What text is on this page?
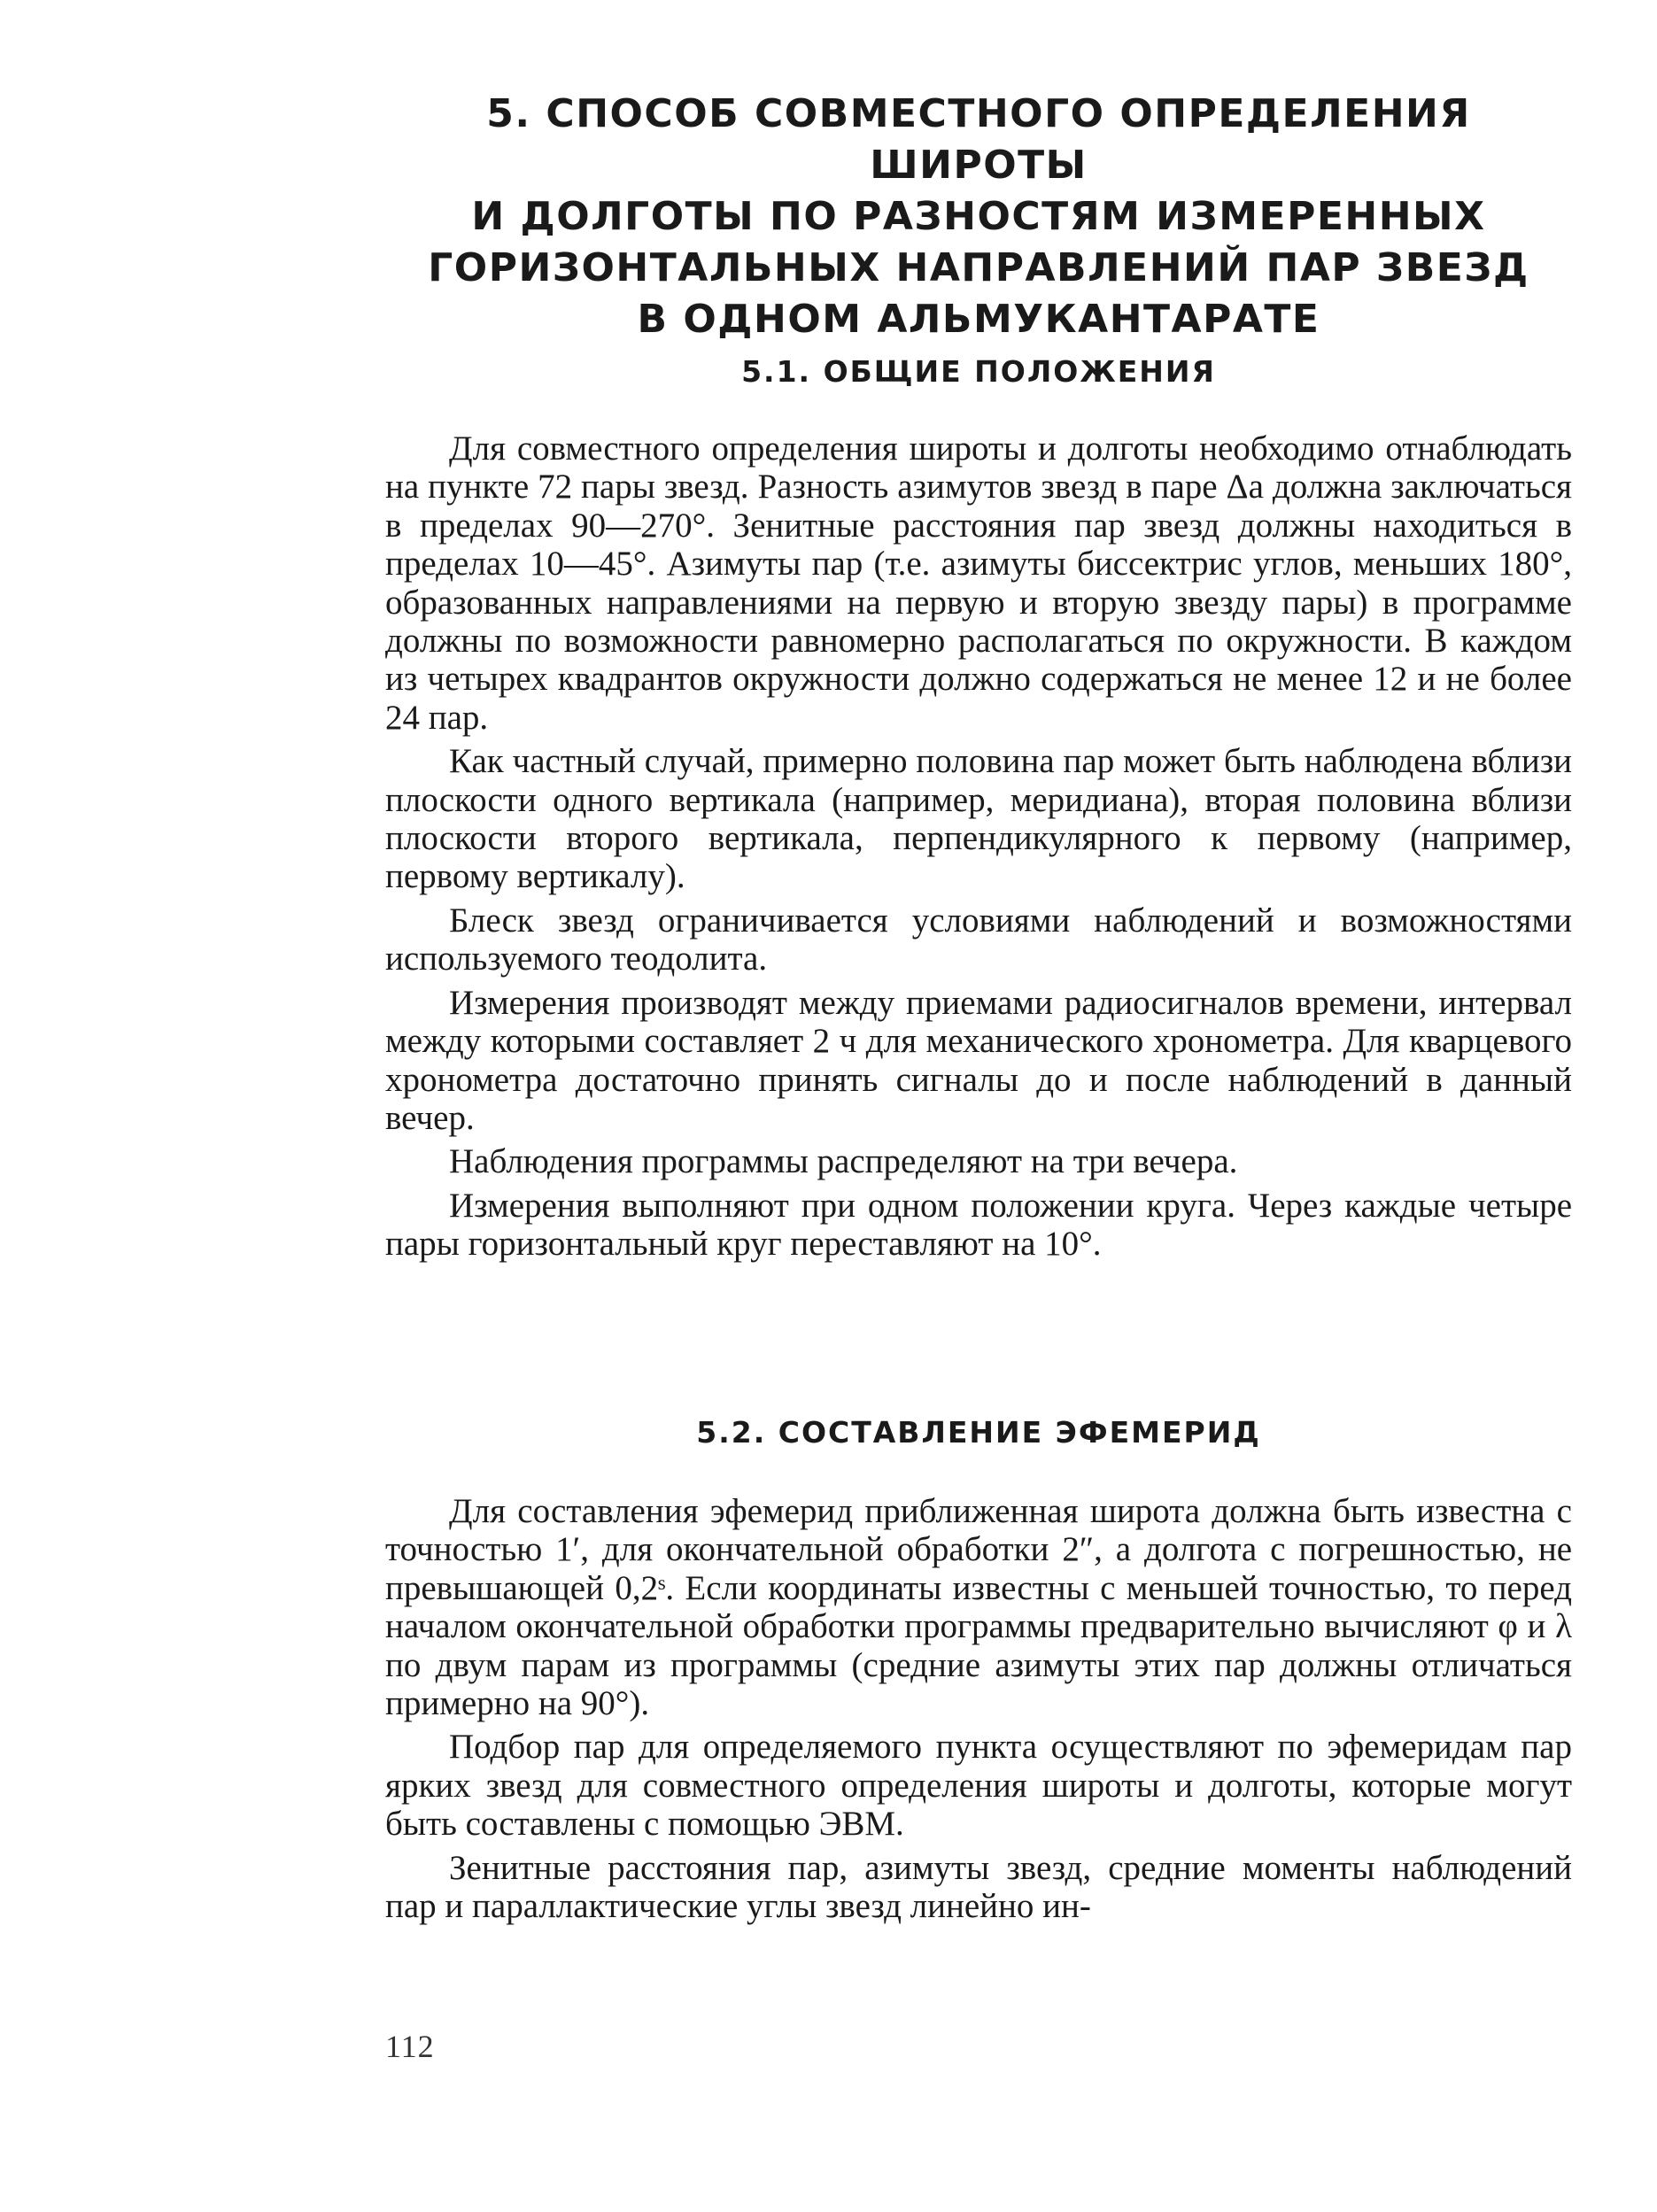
5. СПОСОБ СОВМЕСТНОГО ОПРЕДЕЛЕНИЯ ШИРОТЫ
И ДОЛГОТЫ ПО РАЗНОСТЯМ ИЗМЕРЕННЫХ
ГОРИЗОНТАЛЬНЫХ НАПРАВЛЕНИЙ ПАР ЗВЕЗД
В ОДНОМ АЛЬМУКАНТАРАТЕ
5.1. ОБЩИЕ ПОЛОЖЕНИЯ

Для совместного определения широты и долготы необходимо отнаблюдать на пункте 72 пары звезд. Разность азимутов звезд в паре Δa должна заключаться в пределах 90—270°. Зенитные расстояния пар звезд должны находиться в пределах 10—45°. Азимуты пар (т.е. азимуты биссектрис углов, меньших 180°, образованных направлениями на первую и вторую звезду пары) в программе должны по возможности равномерно располагаться по окружности. В каждом из четырех квадрантов окружности должно содержаться не менее 12 и не более 24 пар.

Как частный случай, примерно половина пар может быть наблюдена вблизи плоскости одного вертикала (например, меридиана), вторая половина вблизи плоскости второго вертикала, перпендикулярного к первому (например, первому вертикалу).

Блеск звезд ограничивается условиями наблюдений и возможностями используемого теодолита.

Измерения производят между приемами радиосигналов времени, интервал между которыми составляет 2 ч для механического хронометра. Для кварцевого хронометра достаточно принять сигналы до и после наблюдений в данный вечер.

Наблюдения программы распределяют на три вечера.

Измерения выполняют при одном положении круга. Через каждые четыре пары горизонтальный круг переставляют на 10°.

5.2. СОСТАВЛЕНИЕ ЭФЕМЕРИД

Для составления эфемерид приближенная широта должна быть известна с точностью 1′, для окончательной обработки 2″, а долгота с погрешностью, не превышающей 0,2ˢ. Если координаты известны с меньшей точностью, то перед началом окончательной обработки программы предварительно вычисляют φ и λ по двум парам из программы (средние азимуты этих пар должны отличаться примерно на 90°).

Подбор пар для определяемого пункта осуществляют по эфемеридам пар ярких звезд для совместного определения широты и долготы, которые могут быть составлены с помощью ЭВМ.

Зенитные расстояния пар, азимуты звезд, средние моменты наблюдений пар и параллактические углы звезд линейно ин-

112
